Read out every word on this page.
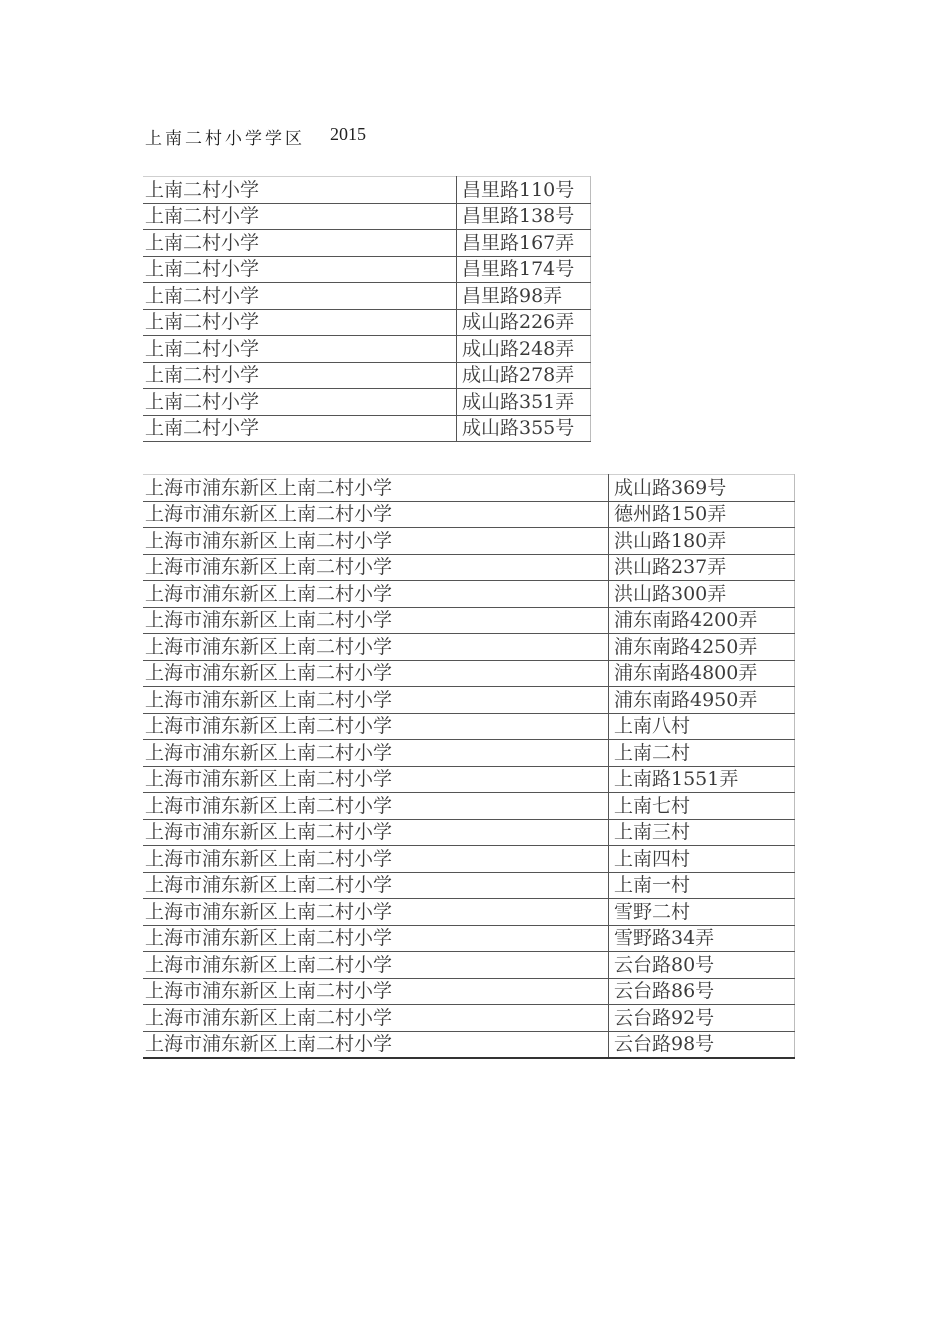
上南二村小学学区 2015
上南二村小学	昌里路110号
上南二村小学	昌里路138号
上南二村小学	昌里路167弄
上南二村小学	昌里路174号
上南二村小学	昌里路98弄
上南二村小学	成山路226弄
上南二村小学	成山路248弄
上南二村小学	成山路278弄
上南二村小学	成山路351弄
上南二村小学	成山路355号
上海市浦东新区上南二村小学	成山路369号
上海市浦东新区上南二村小学	德州路150弄
上海市浦东新区上南二村小学	洪山路180弄
上海市浦东新区上南二村小学	洪山路237弄
上海市浦东新区上南二村小学	洪山路300弄
上海市浦东新区上南二村小学	浦东南路4200弄
上海市浦东新区上南二村小学	浦东南路4250弄
上海市浦东新区上南二村小学	浦东南路4800弄
上海市浦东新区上南二村小学	浦东南路4950弄
上海市浦东新区上南二村小学	上南八村
上海市浦东新区上南二村小学	上南二村
上海市浦东新区上南二村小学	上南路1551弄
上海市浦东新区上南二村小学	上南七村
上海市浦东新区上南二村小学	上南三村
上海市浦东新区上南二村小学	上南四村
上海市浦东新区上南二村小学	上南一村
上海市浦东新区上南二村小学	雪野二村
上海市浦东新区上南二村小学	雪野路34弄
上海市浦东新区上南二村小学	云台路80号
上海市浦东新区上南二村小学	云台路86号
上海市浦东新区上南二村小学	云台路92号
上海市浦东新区上南二村小学	云台路98号
